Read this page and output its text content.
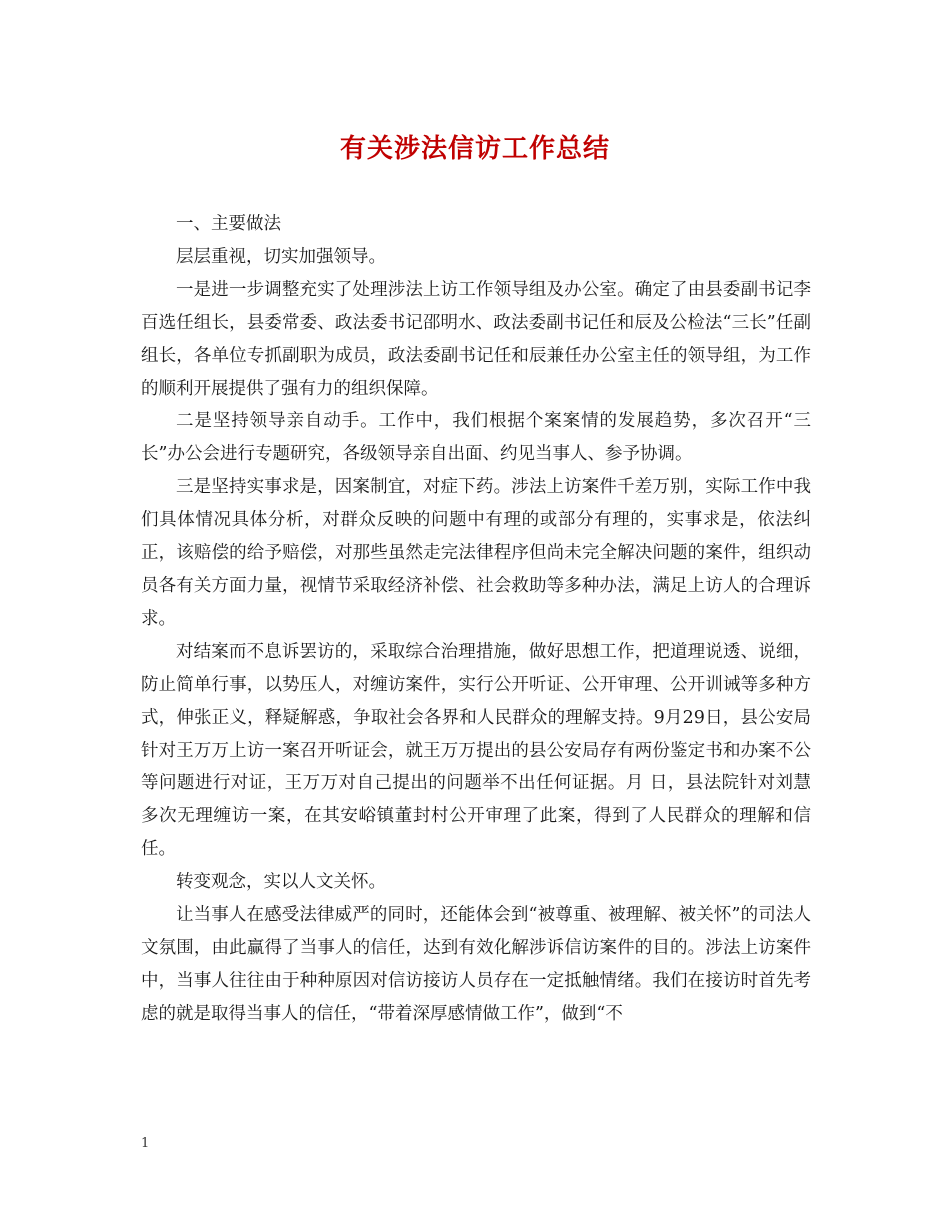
有关涉法信访工作总结

一、主要做法

层层重视，切实加强领导。

一是进一步调整充实了处理涉法上访工作领导组及办公室。确定了由县委副书记李百选任组长，县委常委、政法委书记邵明水、政法委副书记任和辰及公检法“三长”任副组长，各单位专抓副职为成员，政法委副书记任和辰兼任办公室主任的领导组，为工作的顺利开展提供了强有力的组织保障。

二是坚持领导亲自动手。工作中，我们根据个案案情的发展趋势，多次召开“三长”办公会进行专题研究，各级领导亲自出面、约见当事人、参予协调。

三是坚持实事求是，因案制宜，对症下药。涉法上访案件千差万别，实际工作中我们具体情况具体分析，对群众反映的问题中有理的或部分有理的，实事求是，依法纠正，该赔偿的给予赔偿，对那些虽然走完法律程序但尚未完全解决问题的案件，组织动员各有关方面力量，视情节采取经济补偿、社会救助等多种办法，满足上访人的合理诉求。

对结案而不息诉罢访的，采取综合治理措施，做好思想工作，把道理说透、说细，防止简单行事，以势压人，对缠访案件，实行公开听证、公开审理、公开训诫等多种方式，伸张正义，释疑解惑，争取社会各界和人民群众的理解支持。9月29日，县公安局针对王万万上访一案召开听证会，就王万万提出的县公安局存有两份鉴定书和办案不公等问题进行对证，王万万对自己提出的问题举不出任何证据。月 日，县法院针对刘慧多次无理缠访一案，在其安峪镇董封村公开审理了此案，得到了人民群众的理解和信任。

转变观念，实以人文关怀。

让当事人在感受法律威严的同时，还能体会到“被尊重、被理解、被关怀”的司法人文氛围，由此赢得了当事人的信任，达到有效化解涉诉信访案件的目的。涉法上访案件中，当事人往往由于种种原因对信访接访人员存在一定抵触情绪。我们在接访时首先考虑的就是取得当事人的信任，“带着深厚感情做工作”，做到“不

1
